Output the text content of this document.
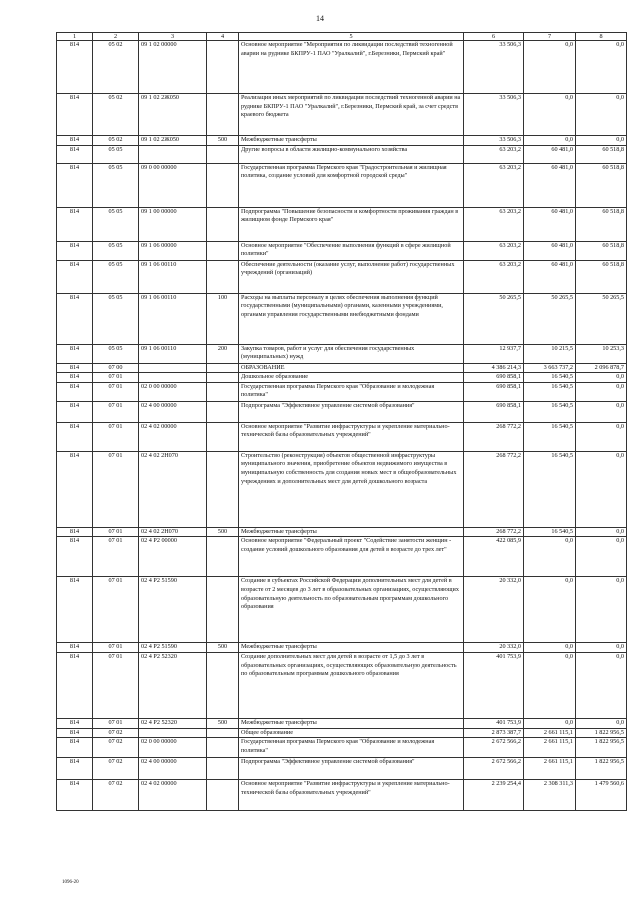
14
1	2	3	4	5	6	7	8
814	05 02	09 1 02 00000		Основное мероприятие "Мероприятия по ликвидации последствий техногенной аварии на руднике БКПРУ-1 ПАО "Уралкалий", г.Березники, Пермский край"	33 506,3	0,0	0,0
814	05 02	09 1 02 2Ж050		Реализация иных мероприятий по ликвидации последствий техногенной аварии на руднике БКПРУ-1 ПАО "Уралкалий", г.Березники, Пермский край, за счет средств краевого бюджета	33 506,3	0,0	0,0
814	05 02	09 1 02 2Ж050	500	Межбюджетные трансферты	33 506,3	0,0	0,0
814	05 05			Другие вопросы в области жилищно-коммунального хозяйства	63 203,2	60 481,0	60 518,8
814	05 05	09 0 00 00000		Государственная программа Пермского края "Градостроительная и жилищная политика, создание условий для комфортной городской среды"	63 203,2	60 481,0	60 518,8
814	05 05	09 1 00 00000		Подпрограмма "Повышение безопасности и комфортности проживания граждан в жилищном фонде Пермского края"	63 203,2	60 481,0	60 518,8
814	05 05	09 1 06 00000		Основное мероприятие "Обеспечение выполнения функций в сфере жилищной политики"	63 203,2	60 481,0	60 518,8
814	05 05	09 1 06 00110		Обеспечение деятельности (оказание услуг, выполнение работ) государственных учреждений (организаций)	63 203,2	60 481,0	60 518,8
814	05 05	09 1 06 00110	100	Расходы на выплаты персоналу в целях обеспечения выполнения функций государственными (муниципальными) органами, казенными учреждениями, органами управления государственными внебюджетными фондами	50 265,5	50 265,5	50 265,5
814	05 05	09 1 06 00110	200	Закупка товаров, работ и услуг для обеспечения государственных (муниципальных) нужд	12 937,7	10 215,5	10 253,3
814	07 00			ОБРАЗОВАНИЕ	4 386 214,3	3 663 737,2	2 096 878,7
814	07 01			Дошкольное образование	690 858,1	16 540,5	0,0
814	07 01	02 0 00 00000		Государственная программа Пермского края "Образование и молодежная политика"	690 858,1	16 540,5	0,0
814	07 01	02 4 00 00000		Подпрограмма "Эффективное управление системой образования"	690 858,1	16 540,5	0,0
814	07 01	02 4 02 00000		Основное мероприятие "Развитие инфраструктуры и укрепление материально-технической базы образовательных учреждений"	268 772,2	16 540,5	0,0
814	07 01	02 4 02 2Н070		Строительство (реконструкция) объектов общественной инфраструктуры муниципального значения, приобретение объектов недвижимого имущества в муниципальную собственность для создания новых мест в общеобразовательных учреждениях и дополнительных мест для детей дошкольного возраста	268 772,2	16 540,5	0,0
814	07 01	02 4 02 2Н070	500	Межбюджетные трансферты	268 772,2	16 540,5	0,0
814	07 01	02 4 Р2 00000		Основное мероприятие "Федеральный проект "Содействие занятости женщин - создание условий дошкольного образования для детей в возрасте до трех лет"	422 085,9	0,0	0,0
814	07 01	02 4 Р2 51590		Создание в субъектах Российской Федерации дополнительных мест для детей в возрасте от 2 месяцев до 3 лет в образовательных организациях, осуществляющих образовательную деятельность по образовательным программам дошкольного образования	20 332,0	0,0	0,0
814	07 01	02 4 Р2 51590	500	Межбюджетные трансферты	20 332,0	0,0	0,0
814	07 01	02 4 Р2 52320		Создание дополнительных мест для детей в возрасте от 1,5 до 3 лет в образовательных организациях, осуществляющих образовательную деятельность по образовательным программам дошкольного образования	401 753,9	0,0	0,0
814	07 01	02 4 Р2 52320	500	Межбюджетные трансферты	401 753,9	0,0	0,0
814	07 02			Общее образование	2 873 387,7	2 661 115,1	1 822 956,5
814	07 02	02 0 00 00000		Государственная программа Пермского края "Образование и молодежная политика"	2 672 566,2	2 661 115,1	1 822 956,5
814	07 02	02 4 00 00000		Подпрограмма "Эффективное управление системой образования"	2 672 566,2	2 661 115,1	1 822 956,5
814	07 02	02 4 02 00000		Основное мероприятие "Развитие инфраструктуры и укрепление материально-технической базы образовательных учреждений"	2 239 254,4	2 308 311,3	1 479 560,6
1096-20
